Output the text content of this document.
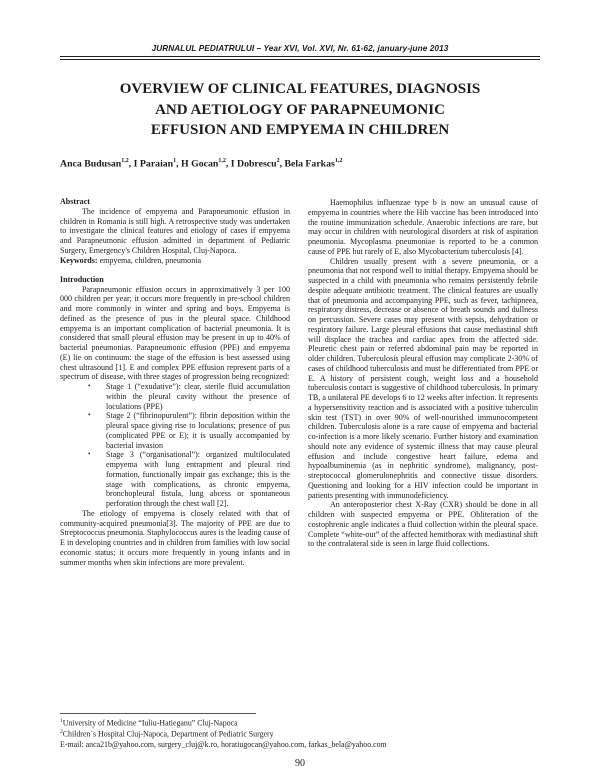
JURNALUL PEDIATRULUI – Year XVI, Vol. XVI, Nr. 61-62, january-june 2013
OVERVIEW OF CLINICAL FEATURES, DIAGNOSIS
AND AETIOLOGY OF PARAPNEUMONIC
EFFUSION AND EMPYEMA IN CHILDREN

Anca Budusan$^{1,2}$, I Paraian$^1$, H Gocan$^{1,2}$, I Dobrescu$^2$, Bela Farkas$^{1,2}$

Abstract
The incidence of empyema and Parapneumonic effusion in children in Romania is still high. A retrospective study was undertaken to investigate the clinical features and etiology of cases if empyema and Parapneumonic effusion admitted in department of Pediatric Surgery, Emergency's Children Hospital, Cluj-Napoca.
Keywords: empyema, children, pneumonia
Introduction
Parapneumonic effusion occurs in approximatively 3 per 100 000 children per year; it occurs more frequently in pre-school children and more commonly in winter and spring and boys. Empyema is defined as the presence of pus in the pleural space. Childhood empyema is an important complication of bacterial pneumonia. It is considered that small pleural effusion may be present in up to 40% of bacterial pneumonias. Parapneumonic effusion (PPE) and empyema (E) lie on continuum: the stage of the effusion is best assessed using chest ultrasound [1]. E and complex PPE effusion represent parts of a spectrum of disease, with three stages of progression being recognized:
• Stage 1 (“exudative”): clear, sterile fluid accumulation within the pleural cavity without the presence of loculations (PPE)
• Stage 2 (“fibrinopurulent”): fibrin deposition within the pleural space giving rise to loculations; presence of pus (complicated PPE or E); it is usually accompanied by bacterial invasion
• Stage 3 (“organisational”): organized multiloculated empyema with lung entrapment and pleural rind formation, functionally impair gas exchange; this is the stage with complications, as chronic empyema, bronchopleural fistula, lung abcess or spontaneous perforation through the chest wall [2].
The etiology of empyema is closely related with that of community-acquired pneumonia[3]. The majority of PPE are due to Streptococcus pneumonia. Staphylococcus aures is the leading cause of E in developing countries and in children from families with low social economic status; it occurs more frequently in young infants and in summer months when skin infections are more prevalent.
Haemophilus influenzae type b is now an unusual cause of empyema in countries where the Hib vaccine has been introduced into the routine immunization schedule. Anaerobic infections are rare, but may occur in children with neurological disorders at risk of aspiration pneumonia. Mycoplasma pneumoniae is reported to be a common cause of PPE but rarely of E, also Mycobacterium tuberculosis [4].
Children usually present with a severe pneumonia, or a pneumonia that not respond well to initial therapy. Empyema should be suspected in a child with pneumonia who remains persistently febrile despite adequate antibiotic treatment. The clinical features are usually that of pneumonia and accompanying PPE, such as fever, tachipneea, respiratory distress, decrease or absence of breath sounds and dullness on percussion. Severe cases may present with sepsis, dehydration or respiratory failure. Large pleural effusions that cause mediastinal shift will displace the trachea and cardiac apex from the affected side. Pleuretic chest pain or referred abdominal pain may be reported in older children. Tuberculosis pleural effusion may complicate 2-30% of cases of childhood tuberculosis and must be differentiated from PPE or E. A history of persistent cough, weight loss and a household tuberculosis contact is suggestive of childhood tuberculosis. In primary TB, a unilateral PE develops 6 to 12 weeks after infection. It represents a hypersensitivity reaction and is associated with a positive tuberculin skin test (TST) in over 90% of well-nourished immunocompetent children. Tuberculosis alone is a rare cause of empyema and bacterial co-infection is a more likely scenario. Further history and examination should note any evidence of systemic illness that may cause pleural effusion and include congestive heart failure, edema and hypoalbuminemia (as in nephritic syndrome), malignancy, post-streptococcal glomerulonephritis and connective tissue disorders. Questioning and looking for a HIV infection could be important in patients presenting with immunodeficiency.
An anteroposterior chest X-Ray (CXR) should be done in all children with suspected empyema or PPE. Obliteration of the costophrenic angle indicates a fluid collection within the pleural space. Complete “white-out” of the affected hemithorax with mediastinal shift to the contralateral side is seen in large fluid collections.
$^1$University of Medicine “Iuliu-Hatieganu” Cluj-Napoca
$^2$Children`s Hospital Cluj-Napoca, Department of Pediatric Surgery
E-mail: anca21b@yahoo.com, surgery_cluj@k.ro, horatiugocan@yahoo.com, farkas_bela@yahoo.com
90
